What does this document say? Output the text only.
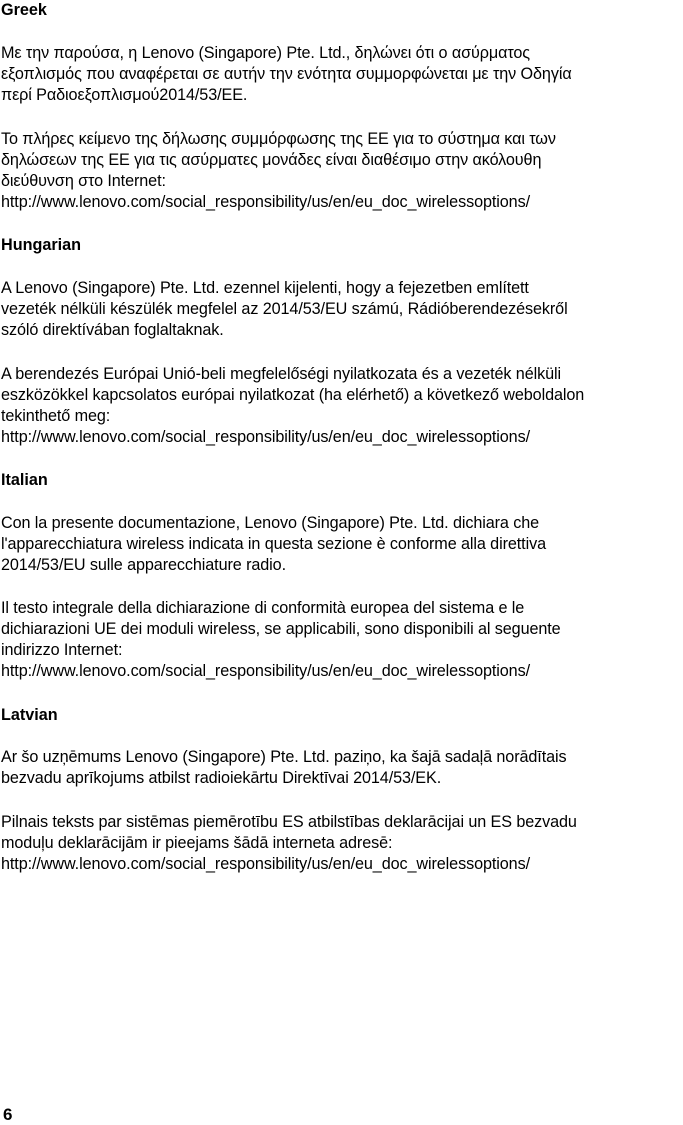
Greek

Με την παρούσα, η Lenovo (Singapore) Pte. Ltd., δηλώνει ότι ο ασύρματος
εξοπλισμός που αναφέρεται σε αυτήν την ενότητα συμμορφώνεται με την Οδηγία
περί Ραδιοεξοπλισμού2014/53/ΕΕ.

Το πλήρες κείμενο της δήλωσης συμμόρφωσης της ΕΕ για το σύστημα και των
δηλώσεων της ΕΕ για τις ασύρματες μονάδες είναι διαθέσιμο στην ακόλουθη
διεύθυνση στο Internet:
http://www.lenovo.com/social_responsibility/us/en/eu_doc_wirelessoptions/

Hungarian

A Lenovo (Singapore) Pte. Ltd. ezennel kijelenti, hogy a fejezetben említett
vezeték nélküli készülék megfelel az 2014/53/EU számú, Rádióberendezésekről
szóló direktívában foglaltaknak.

A berendezés Európai Unió-beli megfelelőségi nyilatkozata és a vezeték nélküli
eszközökkel kapcsolatos európai nyilatkozat (ha elérhető) a következő weboldalon
tekinthető meg:
http://www.lenovo.com/social_responsibility/us/en/eu_doc_wirelessoptions/

Italian

Con la presente documentazione, Lenovo (Singapore) Pte. Ltd. dichiara che
l'apparecchiatura wireless indicata in questa sezione è conforme alla direttiva
2014/53/EU sulle apparecchiature radio.

Il testo integrale della dichiarazione di conformità europea del sistema e le
dichiarazioni UE dei moduli wireless, se applicabili, sono disponibili al seguente
indirizzo Internet:
http://www.lenovo.com/social_responsibility/us/en/eu_doc_wirelessoptions/

Latvian

Ar šo uzņēmums Lenovo (Singapore) Pte. Ltd. paziņo, ka šajā sadaļā norādītais
bezvadu aprīkojums atbilst radioiekārtu Direktīvai 2014/53/EK.

Pilnais teksts par sistēmas piemērotību ES atbilstības deklarācijai un ES bezvadu
moduļu deklarācijām ir pieejams šādā interneta adresē:
http://www.lenovo.com/social_responsibility/us/en/eu_doc_wirelessoptions/

6
